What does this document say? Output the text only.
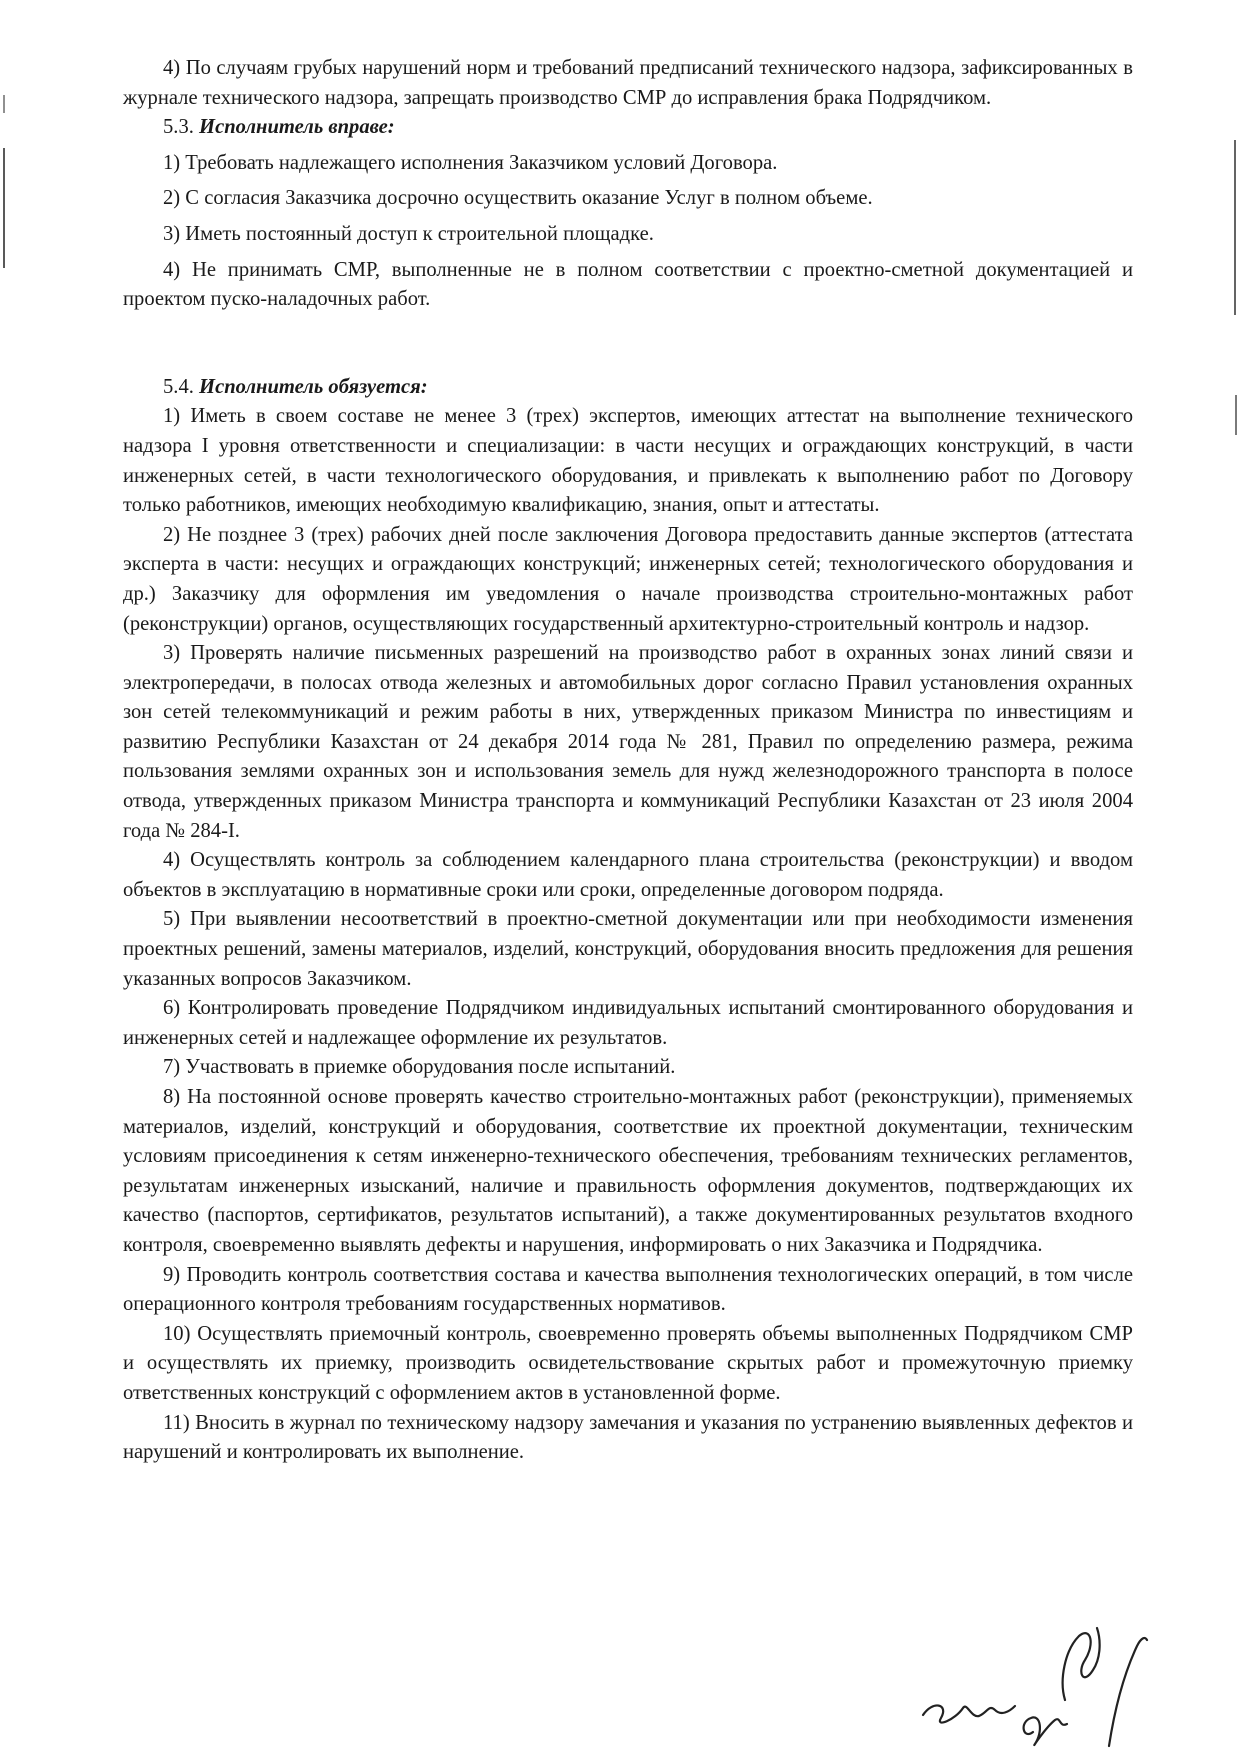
4) По случаям грубых нарушений норм и требований предписаний технического надзора, зафиксированных в журнале технического надзора, запрещать производство СМР до исправления брака Подрядчиком.

5.3. Исполнитель вправе:

1) Требовать надлежащего исполнения Заказчиком условий Договора.

2) С согласия Заказчика досрочно осуществить оказание Услуг в полном объеме.

3) Иметь постоянный доступ к строительной площадке.

4) Не принимать СМР, выполненные не в полном соответствии с проектно-сметной документацией и проектом пуско-наладочных работ.

5.4. Исполнитель обязуется:

1) Иметь в своем составе не менее 3 (трех) экспертов, имеющих аттестат на выполнение технического надзора I уровня ответственности и специализации: в части несущих и ограждающих конструкций, в части инженерных сетей, в части технологического оборудования, и привлекать к выполнению работ по Договору только работников, имеющих необходимую квалификацию, знания, опыт и аттестаты.

2) Не позднее 3 (трех) рабочих дней после заключения Договора предоставить данные экспертов (аттестата эксперта в части: несущих и ограждающих конструкций; инженерных сетей; технологического оборудования и др.) Заказчику для оформления им уведомления о начале производства строительно-монтажных работ (реконструкции) органов, осуществляющих государственный архитектурно-строительный контроль и надзор.

3) Проверять наличие письменных разрешений на производство работ в охранных зонах линий связи и электропередачи, в полосах отвода железных и автомобильных дорог согласно Правил установления охранных зон сетей телекоммуникаций и режим работы в них, утвержденных приказом Министра по инвестициям и развитию Республики Казахстан от 24 декабря 2014 года № 281, Правил по определению размера, режима пользования землями охранных зон и использования земель для нужд железнодорожного транспорта в полосе отвода, утвержденных приказом Министра транспорта и коммуникаций Республики Казахстан от 23 июля 2004 года № 284-I.

4) Осуществлять контроль за соблюдением календарного плана строительства (реконструкции) и вводом объектов в эксплуатацию в нормативные сроки или сроки, определенные договором подряда.

5) При выявлении несоответствий в проектно-сметной документации или при необходимости изменения проектных решений, замены материалов, изделий, конструкций, оборудования вносить предложения для решения указанных вопросов Заказчиком.

6) Контролировать проведение Подрядчиком индивидуальных испытаний смонтированного оборудования и инженерных сетей и надлежащее оформление их результатов.

7) Участвовать в приемке оборудования после испытаний.

8) На постоянной основе проверять качество строительно-монтажных работ (реконструкции), применяемых материалов, изделий, конструкций и оборудования, соответствие их проектной документации, техническим условиям присоединения к сетям инженерно-технического обеспечения, требованиям технических регламентов, результатам инженерных изысканий, наличие и правильность оформления документов, подтверждающих их качество (паспортов, сертификатов, результатов испытаний), а также документированных результатов входного контроля, своевременно выявлять дефекты и нарушения, информировать о них Заказчика и Подрядчика.

9) Проводить контроль соответствия состава и качества выполнения технологических операций, в том числе операционного контроля требованиям государственных нормативов.

10) Осуществлять приемочный контроль, своевременно проверять объемы выполненных Подрядчиком СМР и осуществлять их приемку, производить освидетельствование скрытых работ и промежуточную приемку ответственных конструкций с оформлением актов в установленной форме.

11) Вносить в журнал по техническому надзору замечания и указания по устранению выявленных дефектов и нарушений и контролировать их выполнение.
